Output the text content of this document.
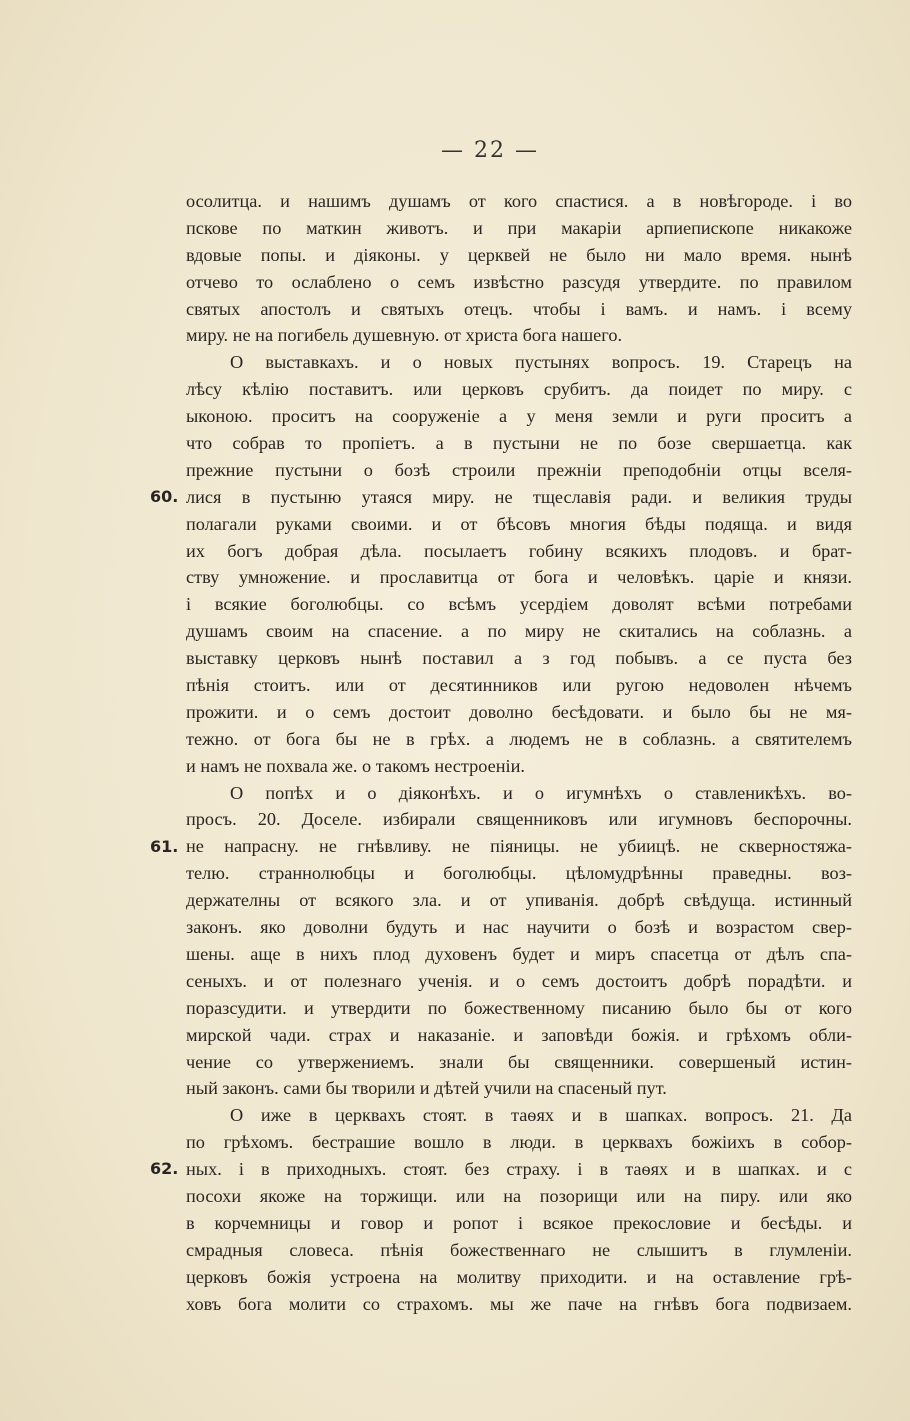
— 22 —
осолитца. и нашимъ душамъ от кого спастися. а в новѣгороде. і во
пскове по маткин животъ. и при макаріи арпиепископе никакоже
вдовые попы. и діяконы. у церквей не было ни мало время. нынѣ
отчево то ослаблено о семъ извѣстно разсудя утвердите. по правилом
святых апостолъ и святыхъ отецъ. чтобы і вамъ. и намъ. і всему
миру. не на погибель душевную. от христа бога нашего.
О выставкахъ. и о новых пустынях вопросъ. 19. Старецъ на
лѣсу кѣлію поставитъ. или церковъ срубитъ. да поидет по миру. с
ыконою. проситъ на сооруженіе а у меня земли и руги проситъ а
что собрав то пропіетъ. а в пустыни не по бозе свершаетца. как
прежние пустыни о бозѣ строили прежніи преподобніи отцы вселя-
лися в пустыню утаяся миру. не тщеславія ради. и великия труды
полагали руками своими. и от бѣсовъ многия бѣды подяща. и видя
их богъ добрая дѣла. посылаетъ гобину всякихъ плодовъ. и брат-
ству умножение. и прославитца от бога и человѣкъ. царіе и князи.
і всякие боголюбцы. со всѣмъ усердіем доволят всѣми потребами
душамъ своим на спасение. а по миру не скитались на соблазнь. а
выставку церковъ нынѣ поставил а з год побывъ. а се пуста без
пѣнія стоитъ. или от десятинников или ругою недоволен нѣчемъ
прожити. и о семъ достоит доволно бесѣдовати. и было бы не мя-
тежно. от бога бы не в грѣх. а людемъ не в соблазнь. а святителемъ
и намъ не похвала же. о такомъ нестроеніи.
О попѣх и о діяконѣхъ. и о игумнѣхъ о ставленикѣхъ. во-
просъ. 20. Доселе. избирали священниковъ или игумновъ беспорочны.
не напрасну. не гнѣвливу. не піяницы. не убиицѣ. не скверностяжа-
телю. страннолюбцы и боголюбцы. цѣломудрѣнны праведны. воз-
держателны от всякого зла. и от упиванія. добрѣ свѣдуща. истинный
законъ. яко доволни будуть и нас научити о бозѣ и возрастом свер-
шены. аще в нихъ плод духовенъ будет и миръ спасетца от дѣлъ спа-
сеныхъ. и от полезнаго ученія. и о семъ достоитъ добрѣ порадѣти. и
поразсудити. и утвердити по божественному писанию было бы от кого
мирской чади. страх и наказаніе. и заповѣди божія. и грѣхомъ обли-
чение со утвержениемъ. знали бы священники. совершеный истин-
ный законъ. сами бы творили и дѣтей учили на спасеный пут.
О иже в церквахъ стоят. в таѳях и в шапках. вопросъ. 21. Да
по грѣхомъ. бестрашие вошло в люди. в церквахъ божіихъ в собор-
ных. і в приходныхъ. стоят. без страху. і в таѳях и в шапках. и с
посохи якоже на торжищи. или на позорищи или на пиру. или яко
в корчемницы и говор и ропот і всякое прекословие и бесѣды. и
смрадныя словеса. пѣнія божественнаго не слышитъ в глумленіи.
церковъ божія устроена на молитву приходити. и на оставление грѣ-
ховъ бога молити со страхомъ. мы же паче на гнѣвъ бога подвизаем.
60.
61.
62.
